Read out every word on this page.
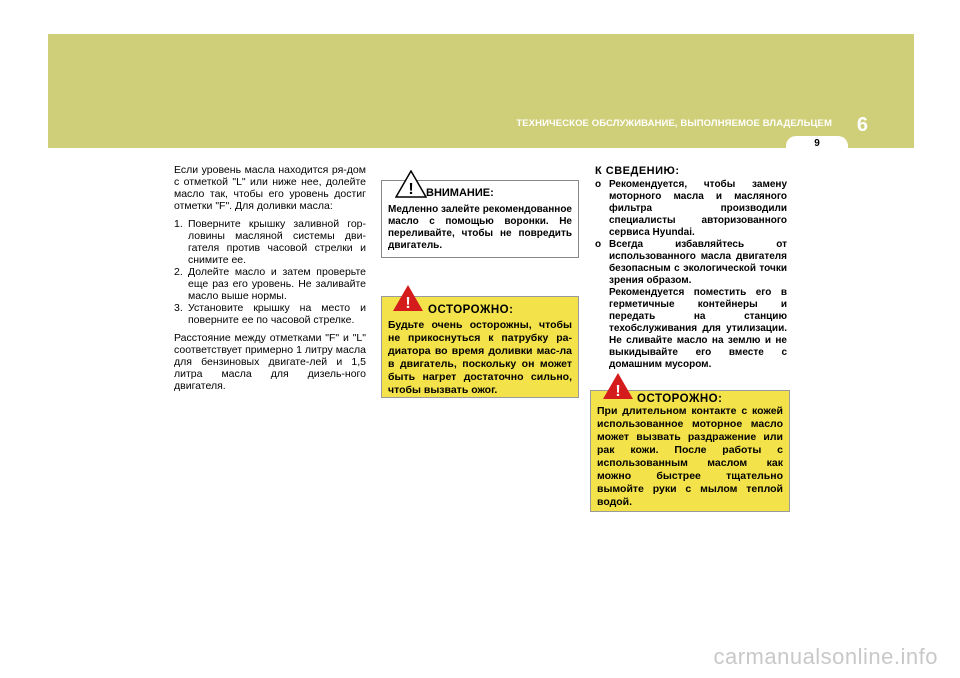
ТЕХНИЧЕСКОЕ ОБСЛУЖИВАНИЕ, ВЫПОЛНЯЕМОЕ ВЛАДЕЛЬЦЕМ 6
9

Если уровень масла находится ря-дом с отметкой "L" или ниже нее, долейте масло так, чтобы его уровень достиг отметки "F". Для доливки масла:

1. Поверните крышку заливной гор-ловины масляной системы дви-гателя против часовой стрелки и снимите ее.
2. Долейте масло и затем проверьте еще раз его уровень. Не заливайте масло выше нормы.
3. Установите крышку на место и поверните ее по часовой стрелке.

Расстояние между отметками "F" и "L" соответствует примерно 1 литру масла для бензиновых двигате-лей и 1,5 литра масла для дизель-ного двигателя.

ВНИМАНИЕ:
Медленно залейте рекомендованное масло с помощью воронки. Не переливайте, чтобы не повредить двигатель.
!
ОСТОРОЖНО:
Будьте очень осторожны, чтобы не прикоснуться к патрубку ра-диатора во время доливки мас-ла в двигатель, поскольку он может быть нагрет достаточно сильно, чтобы вызвать ожог.
!
К СВЕДЕНИЮ:
o Рекомендуется, чтобы замену моторного масла и масляного фильтра производили специалисты авторизованного сервиса Hyundai.
o Всегда избавляйтесь от использованного масла двигателя безопасным с экологической точки зрения образом.

Рекомендуется поместить его в герметичные контейнеры и передать на станцию техобслуживания для утилизации. Не сливайте масло на землю и не выкидывайте его вместе с домашним мусором.

ОСТОРОЖНО:
При длительном контакте с кожей использованное моторное масло может вызвать раздражение или рак кожи. После работы с использованным маслом как можно быстрее тщательно вымойте руки с мылом теплой водой.
!
carmanualsonline.info
